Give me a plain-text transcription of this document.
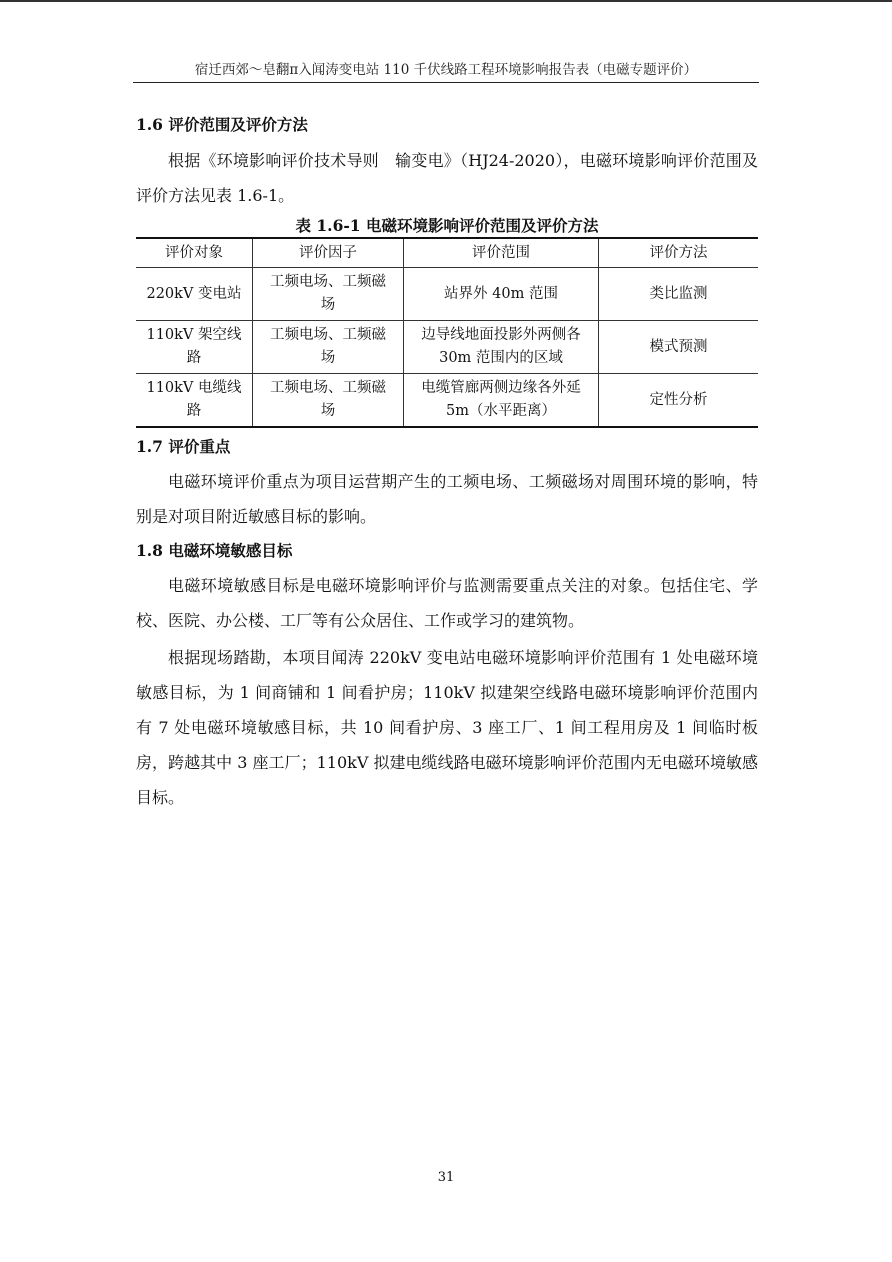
宿迁西郊～皂翻π入闻涛变电站 110 千伏线路工程环境影响报告表（电磁专题评价）

1.6 评价范围及评价方法

根据《环境影响评价技术导则　输变电》（HJ24-2020），电磁环境影响评价范围及评价方法见表 1.6-1。

表 1.6-1 电磁环境影响评价范围及评价方法

评价对象	评价因子	评价范围	评价方法
220kV 变电站	工频电场、工频磁场	站界外 40m 范围	类比监测
110kV 架空线路	工频电场、工频磁场	边导线地面投影外两侧各 30m 范围内的区域	模式预测
110kV 电缆线路	工频电场、工频磁场	电缆管廊两侧边缘各外延 5m（水平距离）	定性分析

1.7 评价重点

电磁环境评价重点为项目运营期产生的工频电场、工频磁场对周围环境的影响，特别是对项目附近敏感目标的影响。

1.8 电磁环境敏感目标

电磁环境敏感目标是电磁环境影响评价与监测需要重点关注的对象。包括住宅、学校、医院、办公楼、工厂等有公众居住、工作或学习的建筑物。

根据现场踏勘，本项目闻涛 220kV 变电站电磁环境影响评价范围有 1 处电磁环境敏感目标，为 1 间商铺和 1 间看护房；110kV 拟建架空线路电磁环境影响评价范围内有 7 处电磁环境敏感目标，共 10 间看护房、3 座工厂、1 间工程用房及 1 间临时板房，跨越其中 3 座工厂；110kV 拟建电缆线路电磁环境影响评价范围内无电磁环境敏感目标。

31
